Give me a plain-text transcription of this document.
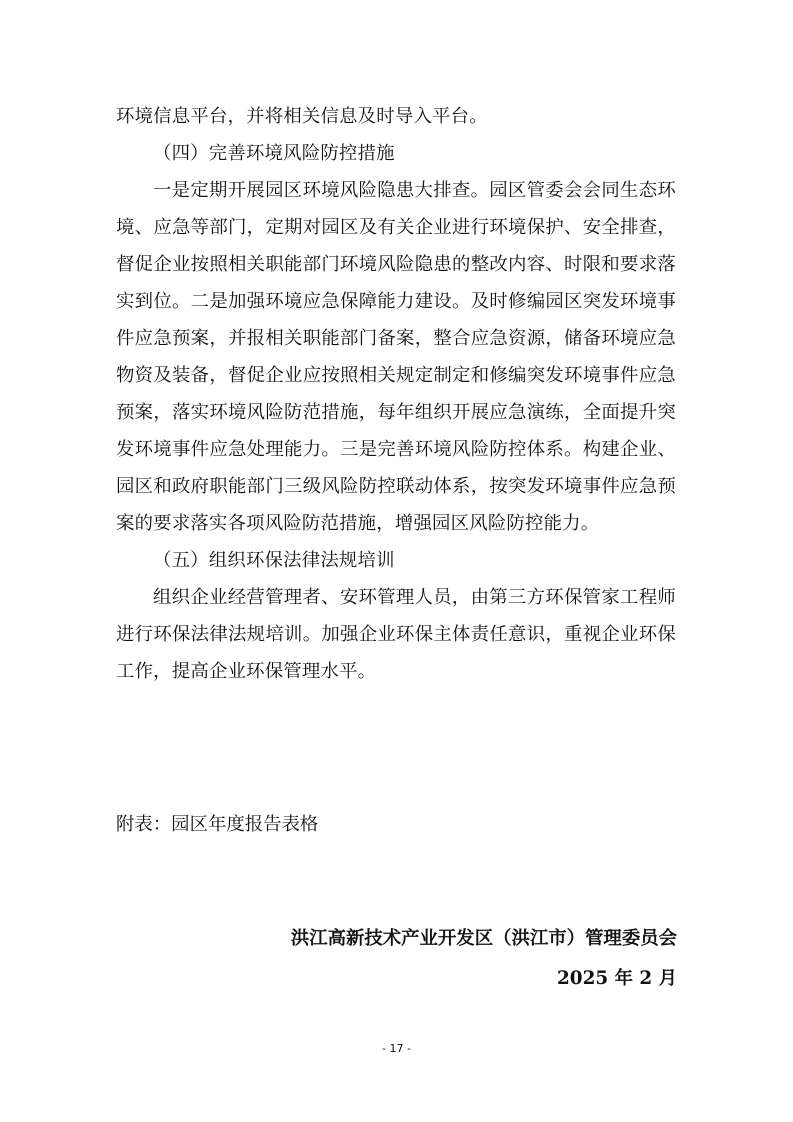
环境信息平台，并将相关信息及时导入平台。

（四）完善环境风险防控措施

一是定期开展园区环境风险隐患大排查。园区管委会会同生态环境、应急等部门，定期对园区及有关企业进行环境保护、安全排查，督促企业按照相关职能部门环境风险隐患的整改内容、时限和要求落实到位。二是加强环境应急保障能力建设。及时修编园区突发环境事件应急预案，并报相关职能部门备案，整合应急资源，储备环境应急物资及装备，督促企业应按照相关规定制定和修编突发环境事件应急预案，落实环境风险防范措施，每年组织开展应急演练，全面提升突发环境事件应急处理能力。三是完善环境风险防控体系。构建企业、园区和政府职能部门三级风险防控联动体系，按突发环境事件应急预案的要求落实各项风险防范措施，增强园区风险防控能力。

（五）组织环保法律法规培训

组织企业经营管理者、安环管理人员，由第三方环保管家工程师进行环保法律法规培训。加强企业环保主体责任意识，重视企业环保工作，提高企业环保管理水平。

附表：园区年度报告表格
洪江高新技术产业开发区（洪江市）管理委员会
2025 年 2 月
- 17 -
